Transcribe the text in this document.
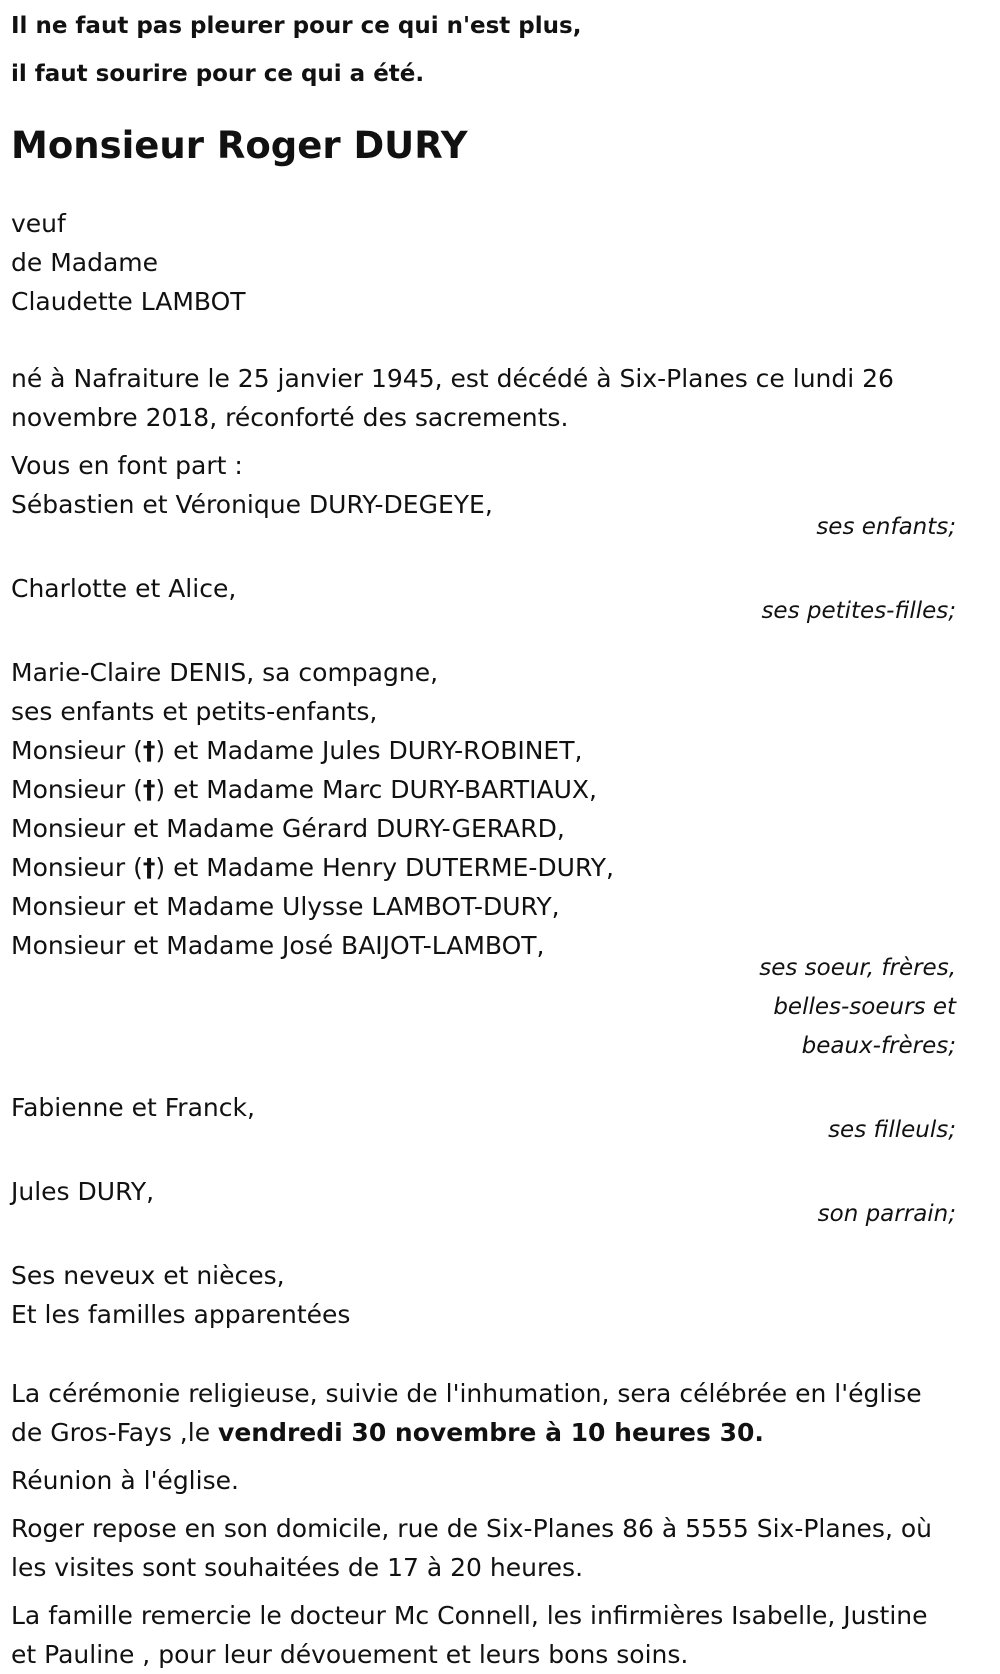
Il ne faut pas pleurer pour ce qui n'est plus,
il faut sourire pour ce qui a été.
Monsieur Roger DURY
veuf
de Madame
Claudette LAMBOT
né à Nafraiture le 25 janvier 1945, est décédé à Six-Planes ce lundi 26
novembre 2018, réconforté des sacrements.
Vous en font part :
Sébastien et Véronique DURY-DEGEYE,
ses enfants;
Charlotte et Alice,
ses petites-filles;
Marie-Claire DENIS, sa compagne,
ses enfants et petits-enfants,
Monsieur (†) et Madame Jules DURY-ROBINET,
Monsieur (†) et Madame Marc DURY-BARTIAUX,
Monsieur et Madame Gérard DURY-GERARD,
Monsieur (†) et Madame Henry DUTERME-DURY,
Monsieur et Madame Ulysse LAMBOT-DURY,
Monsieur et Madame José BAIJOT-LAMBOT,
ses soeur, frères,
belles-soeurs et
beaux-frères;
Fabienne et Franck,
ses filleuls;
Jules DURY,
son parrain;
Ses neveux et nièces,
Et les familles apparentées
La cérémonie religieuse, suivie de l'inhumation, sera célébrée en l'église
de Gros-Fays ,le vendredi 30 novembre à 10 heures 30.
Réunion à l'église.
Roger repose en son domicile, rue de Six-Planes 86 à 5555 Six-Planes, où
les visites sont souhaitées de 17 à 20 heures.
La famille remercie le docteur Mc Connell, les infirmières Isabelle, Justine
et Pauline , pour leur dévouement et leurs bons soins.
